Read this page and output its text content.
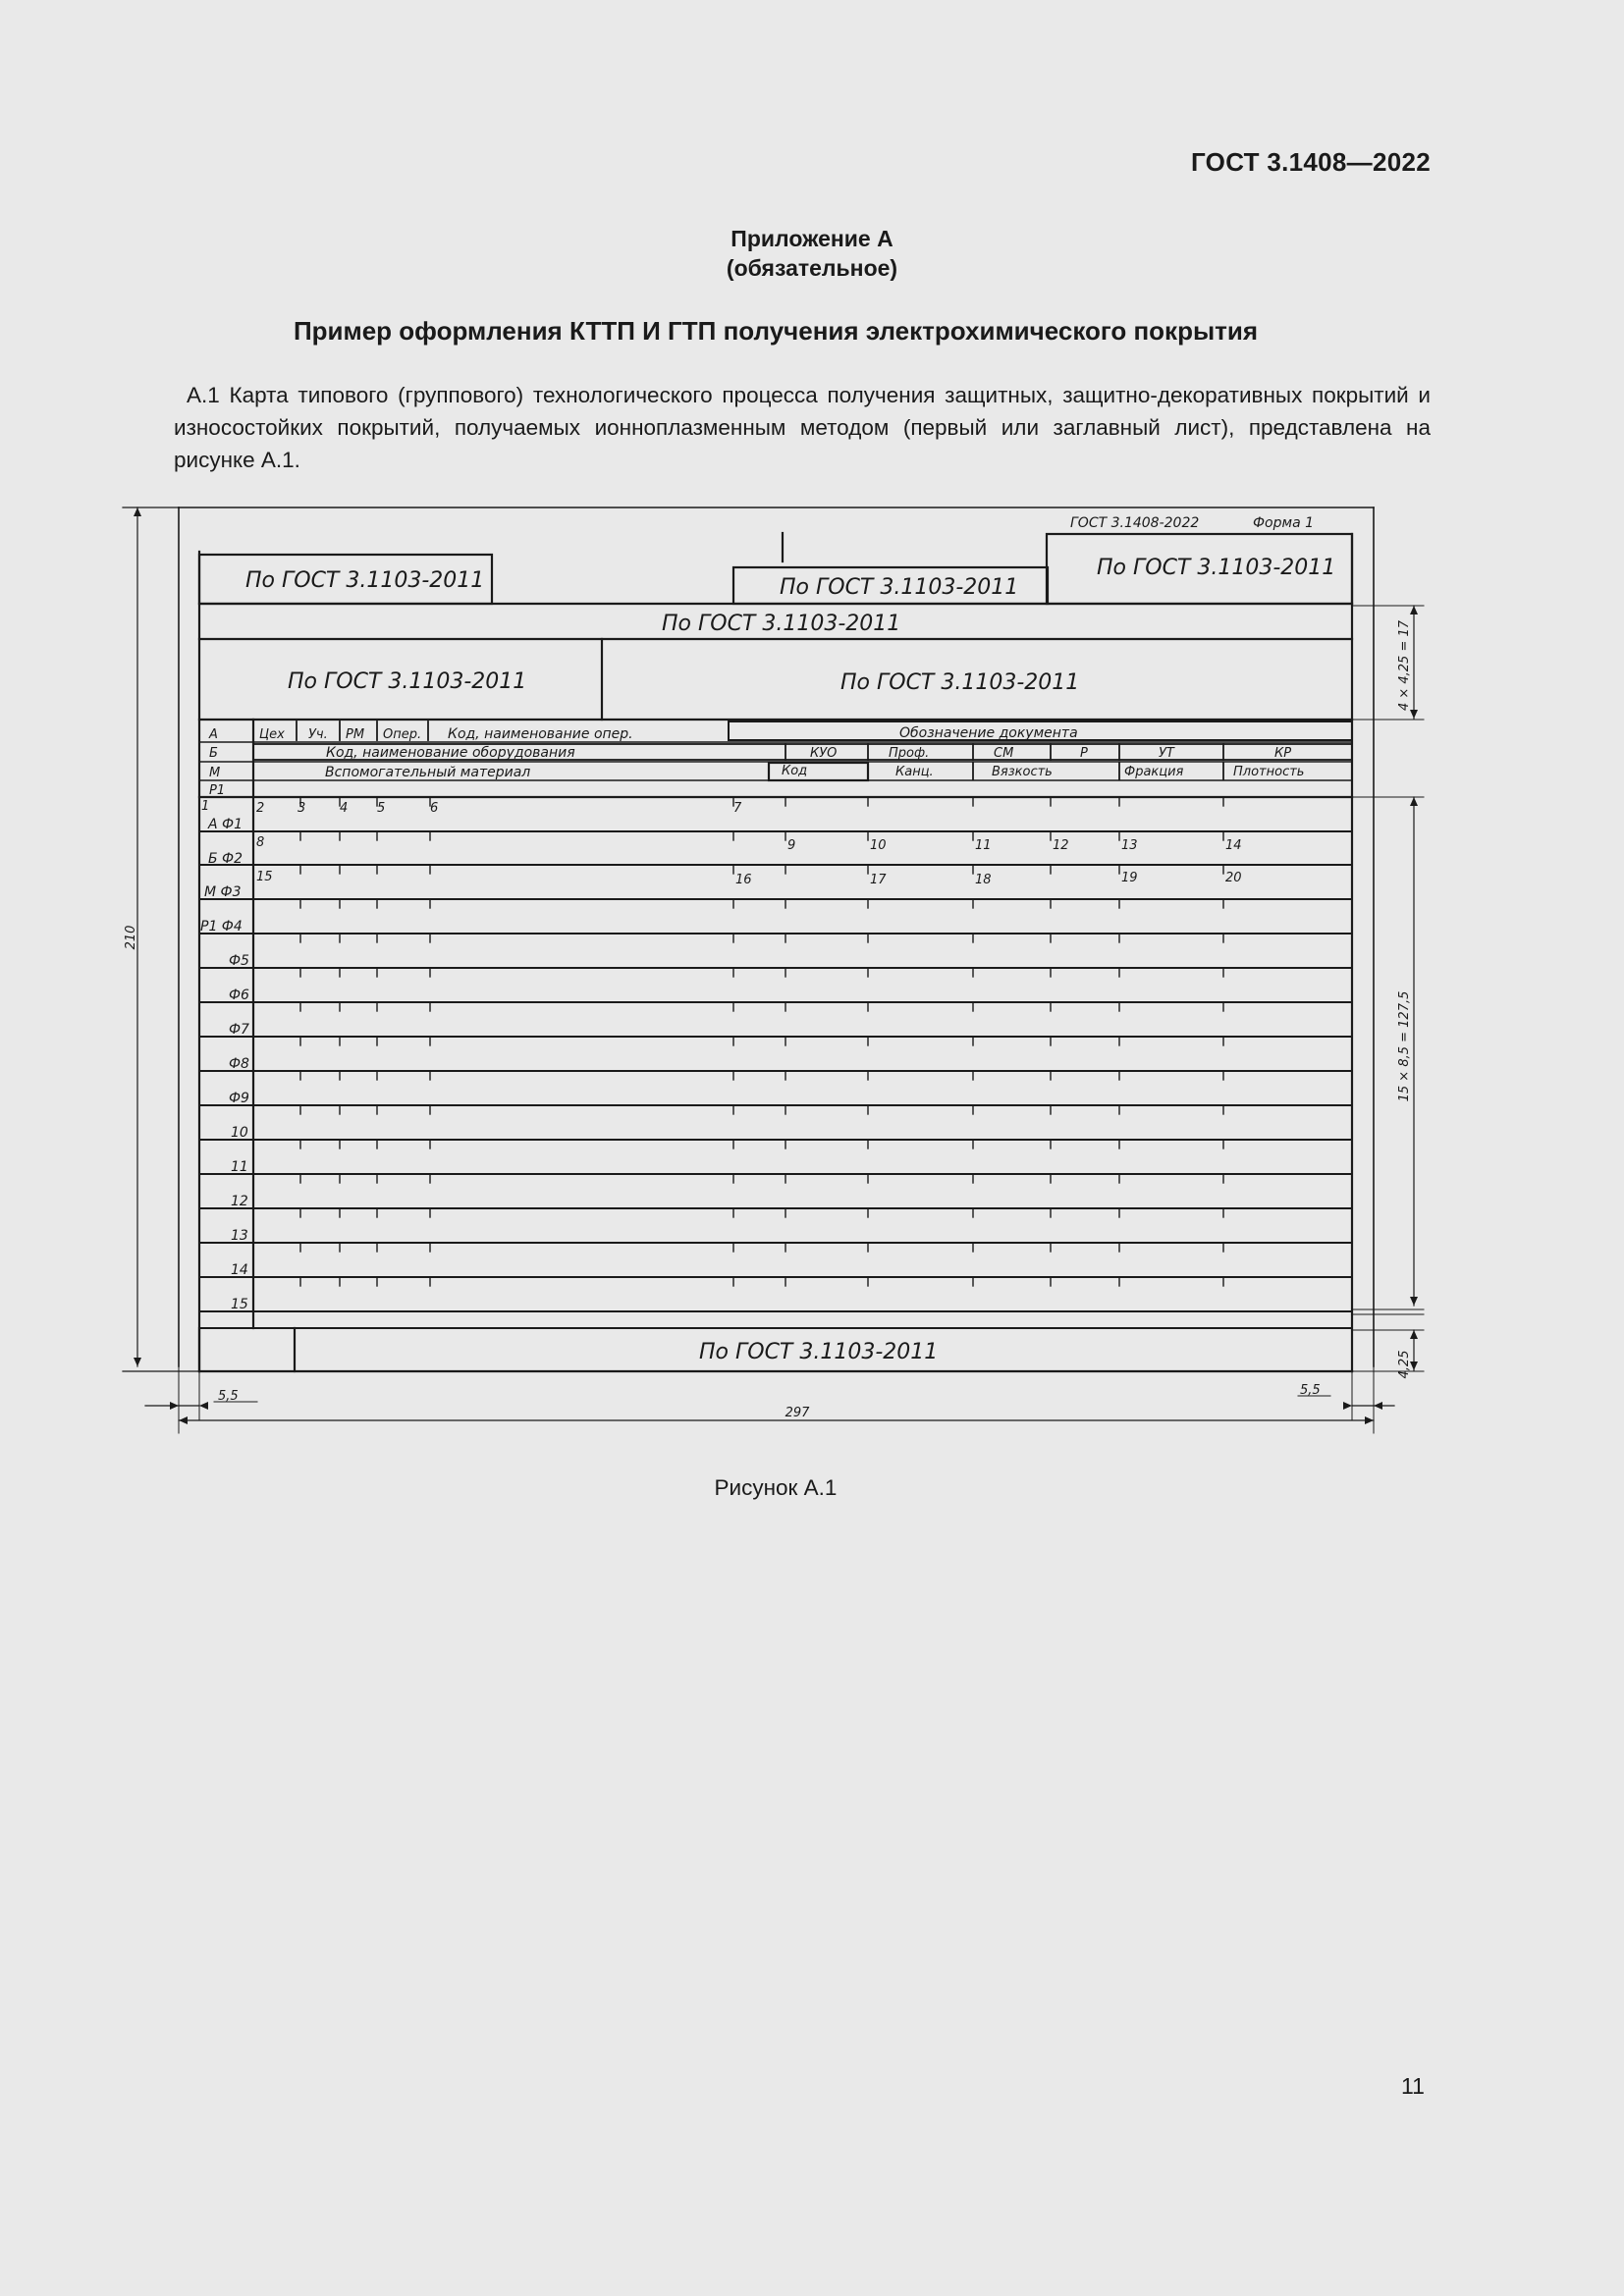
ГОСТ 3.1408—2022
Приложение А
(обязательное)
Пример оформления КТТП И ГТП получения электрохимического покрытия
А.1 Карта типового (группового) технологического процесса получения защитных, защитно-декоративных покрытий и износостойких покрытий, получаемых ионноплазменным методом (первый или заглавный лист), представлена на рисунке А.1.
ГОСТ 3.1408-2022	Форма 1
По ГОСТ 3.1103-2011	По ГОСТ 3.1103-2011
По ГОСТ 3.1103-2011
По ГОСТ 3.1103-2011
По ГОСТ 3.1103-2011	По ГОСТ 3.1103-2011
По ГОСТ 3.1103-2011
А	Цех Уч. РМ Опер. Код, наименование опер.	Обозначение документа
Б	Код, наименование оборудования	КУО	Проф.	СМ	Р	УТ	КР
М	Вспомогательный материал	Код	Канц.	Вязкость	Фракция	Плотность
Р1
А Ф1
Б Ф2
М Ф3
Р1 Ф4
Ф5
Ф6
Ф7
Ф8
Ф9
10
11
12
13
14
15
1	2	3	4 5	6	7
8	9	10	11	12	13	14
15	16	17	18	19	20
210
4 × 4,25 = 17
15 × 8,5 = 127,5
4,25
5,5	5,5
297
Рисунок А.1
11
